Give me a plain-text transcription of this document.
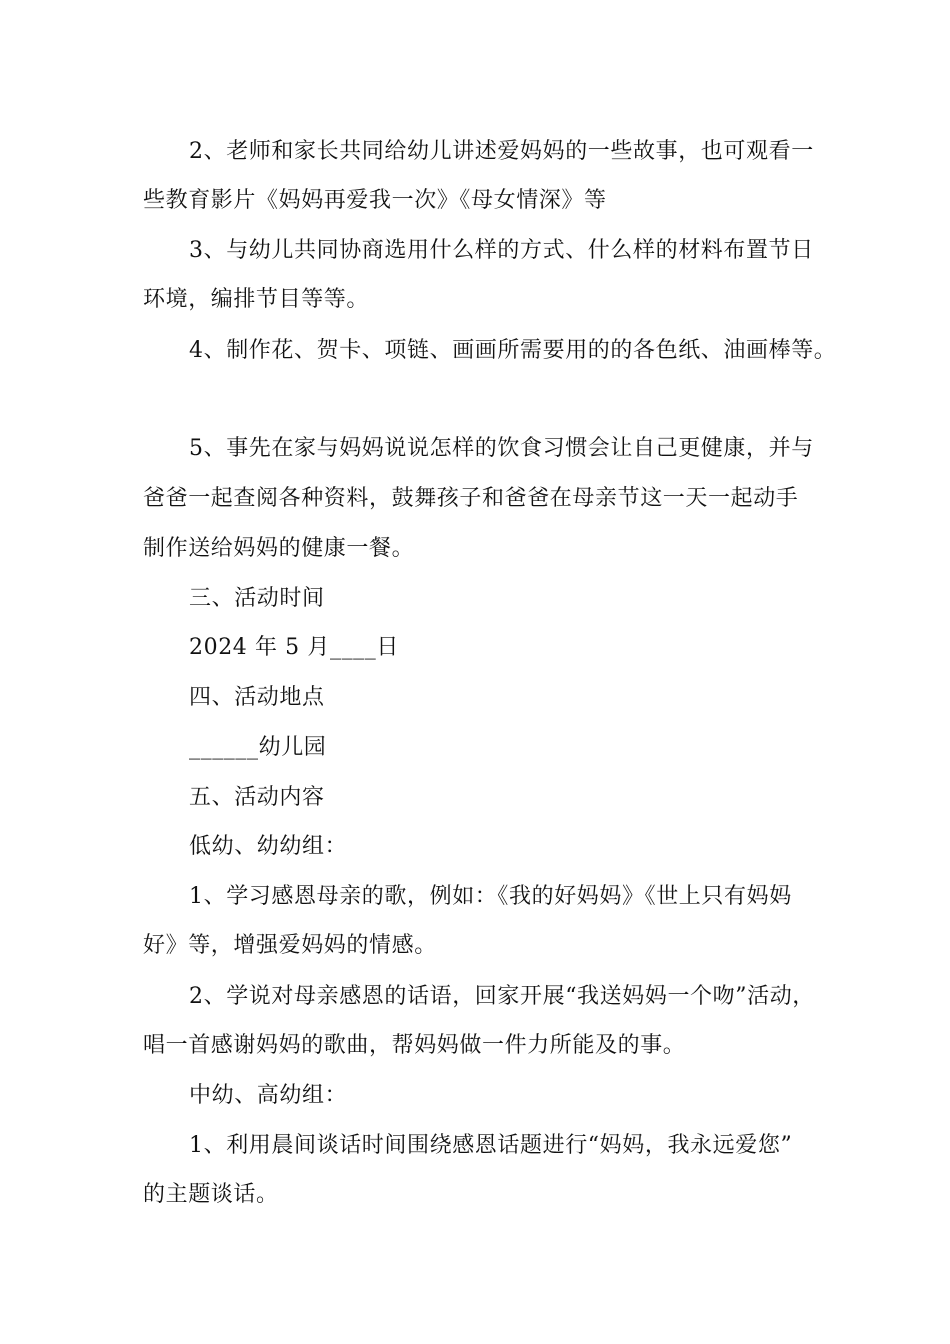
2、老师和家长共同给幼儿讲述爱妈妈的一些故事，也可观看一
些教育影片《妈妈再爱我一次》《母女情深》等
3、与幼儿共同协商选用什么样的方式、什么样的材料布置节日
环境，编排节目等等。
4、制作花、贺卡、项链、画画所需要用的的各色纸、油画棒等。
5、事先在家与妈妈说说怎样的饮食习惯会让自己更健康，并与
爸爸一起查阅各种资料，鼓舞孩子和爸爸在母亲节这一天一起动手
制作送给妈妈的健康一餐。
三、活动时间
2024 年 5 月____日
四、活动地点
______幼儿园
五、活动内容
低幼、幼幼组：
1、学习感恩母亲的歌，例如：《我的好妈妈》《世上只有妈妈
好》等，增强爱妈妈的情感。
2、学说对母亲感恩的话语，回家开展“我送妈妈一个吻”活动，
唱一首感谢妈妈的歌曲，帮妈妈做一件力所能及的事。
中幼、高幼组：
1、利用晨间谈话时间围绕感恩话题进行“妈妈，我永远爱您”
的主题谈话。
